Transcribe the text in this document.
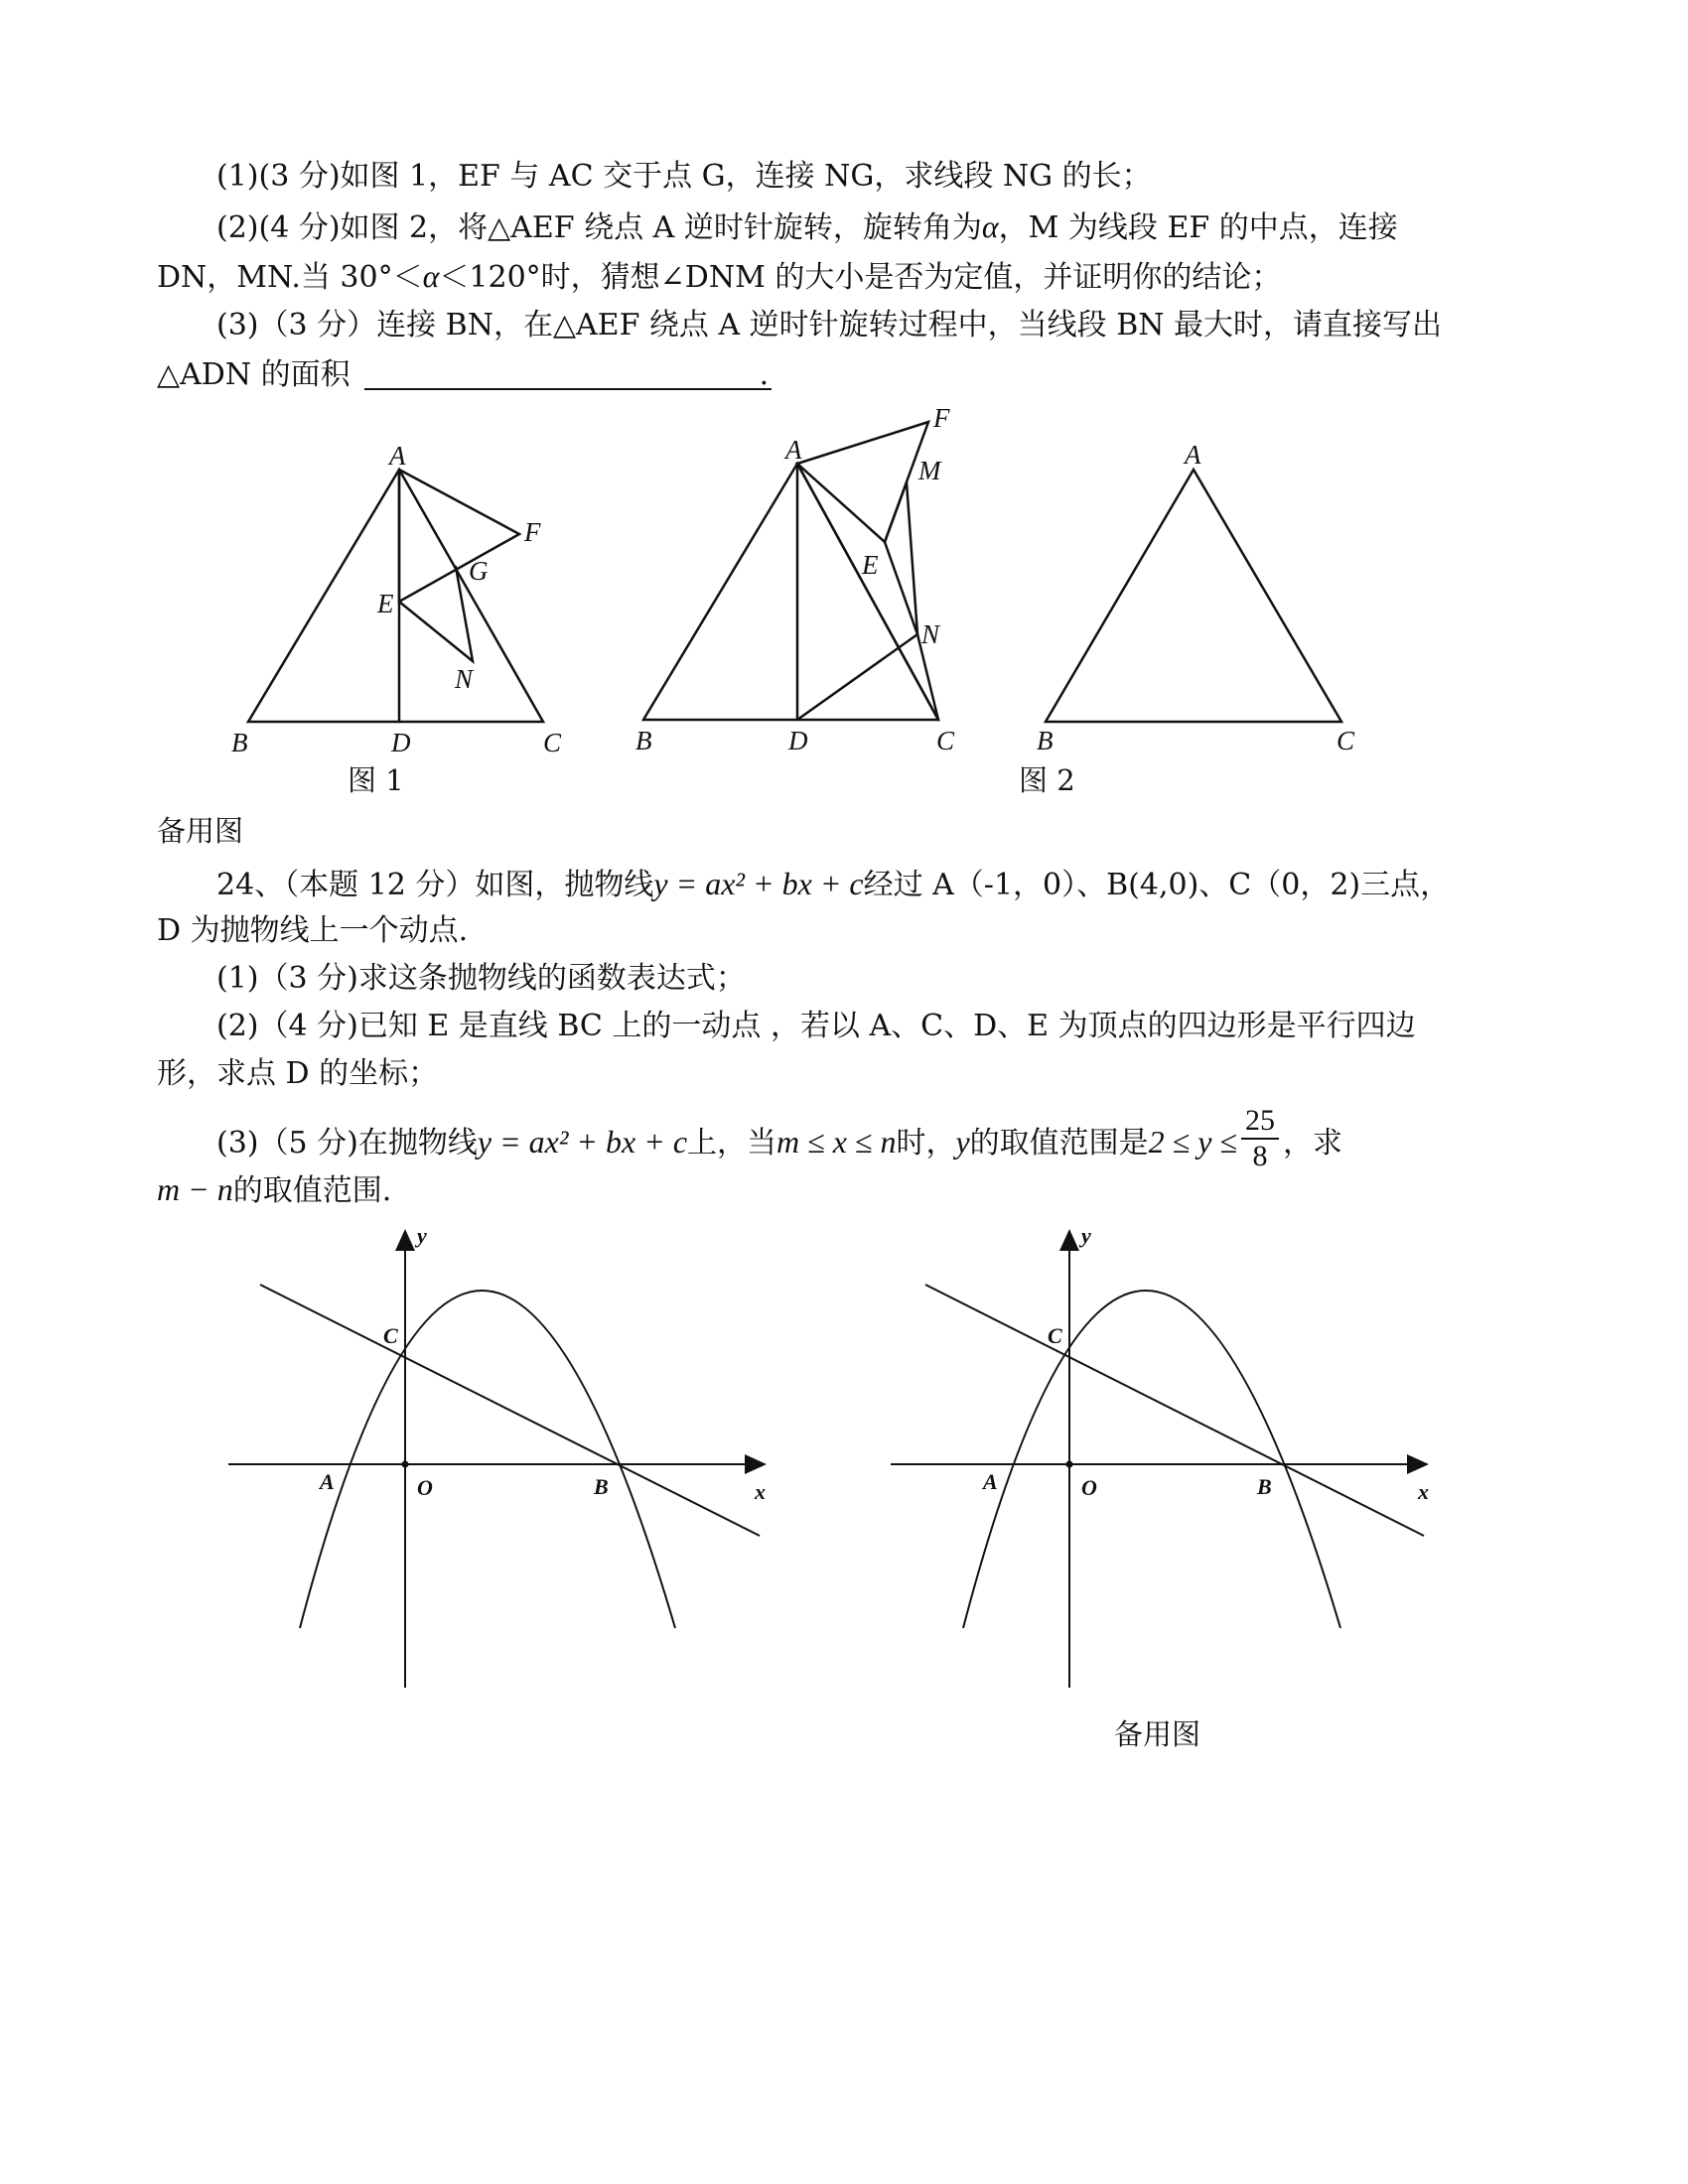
(1)(3 分)如图 1，EF 与 AC 交于点 G，连接 NG，求线段 NG 的长；
(2)(4 分)如图 2，将△AEF 绕点 A 逆时针旋转，旋转角为α，M 为线段 EF 的中点，连接
DN，MN.当 30°＜α＜120°时，猜想∠DNM 的大小是否为定值，并证明你的结论；
(3)（3 分）连接 BN，在△AEF 绕点 A 逆时针旋转过程中，当线段 BN 最大时，请直接写出
△ADN 的面积	.
A
B	C
D
E
F
G
N
图 1
A
B	C
D
E
F
M
N
图 2
A
B	C
备用图
24、（本题 12 分）如图，抛物线y = ax² + bx + c经过 A（-1，0）、B(4,0)、C（0，2)三点，
D 为抛物线上一个动点.
(1)（3 分)求这条抛物线的函数表达式；
(2)（4 分)已知 E 是直线 BC 上的一动点 ，若以 A、C、D、E 为顶点的四边形是平行四边
形，求点 D 的坐标；
(3)（5 分)在抛物线y = ax² + bx + c上，当m ≤ x ≤ n时，y的取值范围是$2 \le y \le \frac{25}{8}$ ，求
m − n的取值范围.
y
x
C
A	O	B
y
x
C
A	O	B
备用图
